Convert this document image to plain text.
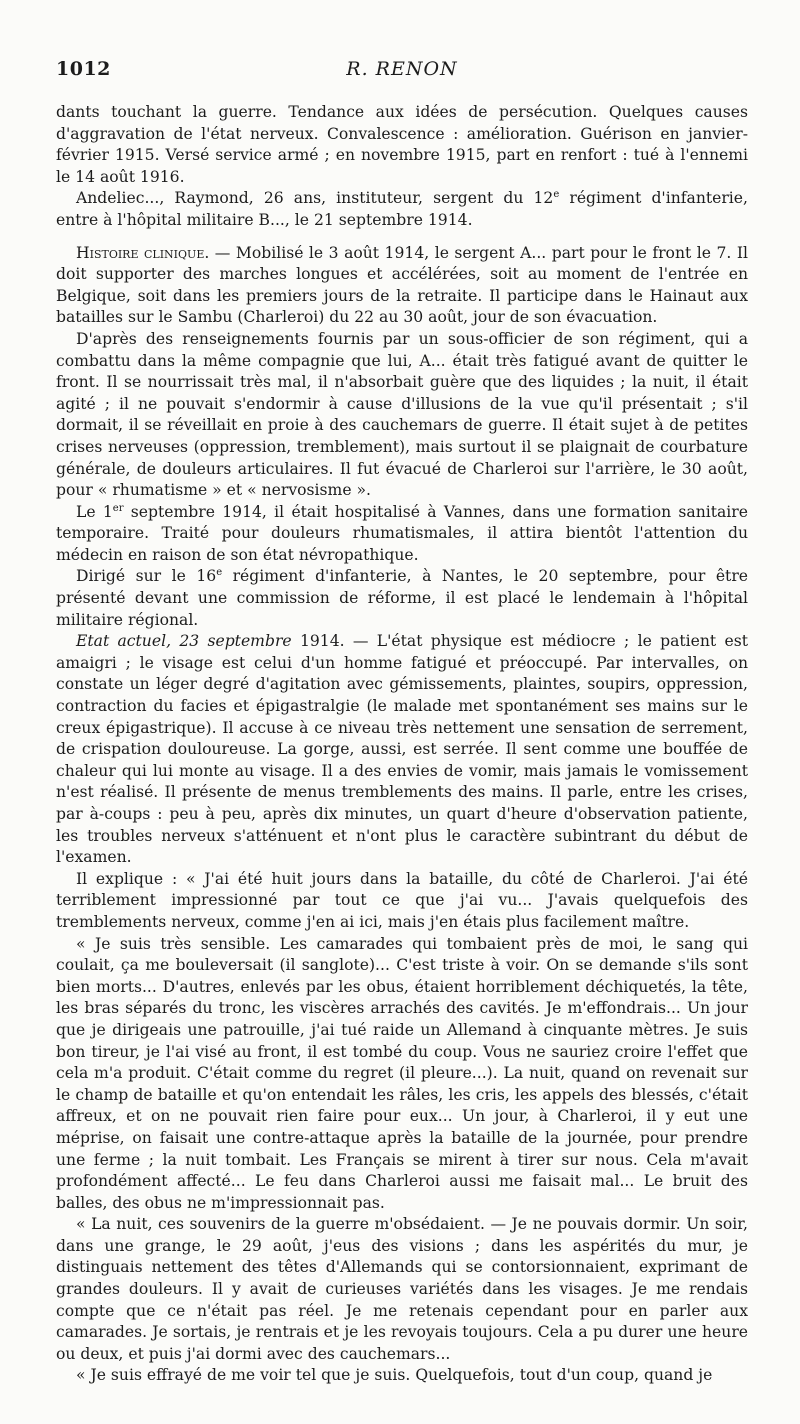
1012	R. RENON

dants touchant la guerre. Tendance aux idées de persécution. Quelques causes d'aggravation de l'état nerveux. Convalescence : amélioration. Guérison en janvier-février 1915. Versé service armé ; en novembre 1915, part en renfort : tué à l'ennemi le 14 août 1916.

Andeliec..., Raymond, 26 ans, instituteur, sergent du 12e régiment d'infanterie, entre à l'hôpital militaire B..., le 21 septembre 1914.

Histoire clinique. — Mobilisé le 3 août 1914, le sergent A... part pour le front le 7. Il doit supporter des marches longues et accélérées, soit au moment de l'entrée en Belgique, soit dans les premiers jours de la retraite. Il participe dans le Hainaut aux batailles sur le Sambu (Charleroi) du 22 au 30 août, jour de son évacuation.

D'après des renseignements fournis par un sous-officier de son régiment, qui a combattu dans la même compagnie que lui, A... était très fatigué avant de quitter le front. Il se nourrissait très mal, il n'absorbait guère que des liquides ; la nuit, il était agité ; il ne pouvait s'endormir à cause d'illusions de la vue qu'il présentait ; s'il dormait, il se réveillait en proie à des cauchemars de guerre. Il était sujet à de petites crises nerveuses (oppression, tremblement), mais surtout il se plaignait de courbature générale, de douleurs articulaires. Il fut évacué de Charleroi sur l'arrière, le 30 août, pour « rhumatisme » et « nervosisme ».

Le 1er septembre 1914, il était hospitalisé à Vannes, dans une formation sanitaire temporaire. Traité pour douleurs rhumatismales, il attira bientôt l'attention du médecin en raison de son état névropathique.

Dirigé sur le 16e régiment d'infanterie, à Nantes, le 20 septembre, pour être présenté devant une commission de réforme, il est placé le lendemain à l'hôpital militaire régional.

Etat actuel, 23 septembre 1914. — L'état physique est médiocre ; le patient est amaigri ; le visage est celui d'un homme fatigué et préoccupé. Par intervalles, on constate un léger degré d'agitation avec gémissements, plaintes, soupirs, oppression, contraction du facies et épigastralgie (le malade met spontanément ses mains sur le creux épigastrique). Il accuse à ce niveau très nettement une sensation de serrement, de crispation douloureuse. La gorge, aussi, est serrée. Il sent comme une bouffée de chaleur qui lui monte au visage. Il a des envies de vomir, mais jamais le vomissement n'est réalisé. Il présente de menus tremblements des mains. Il parle, entre les crises, par à-coups : peu à peu, après dix minutes, un quart d'heure d'observation patiente, les troubles nerveux s'atténuent et n'ont plus le caractère subintrant du début de l'examen.

Il explique : « J'ai été huit jours dans la bataille, du côté de Charleroi. J'ai été terriblement impressionné par tout ce que j'ai vu... J'avais quelquefois des tremblements nerveux, comme j'en ai ici, mais j'en étais plus facilement maître.

« Je suis très sensible. Les camarades qui tombaient près de moi, le sang qui coulait, ça me bouleversait (il sanglote)... C'est triste à voir. On se demande s'ils sont bien morts... D'autres, enlevés par les obus, étaient horriblement déchiquetés, la tête, les bras séparés du tronc, les viscères arrachés des cavités. Je m'effondrais... Un jour que je dirigeais une patrouille, j'ai tué raide un Allemand à cinquante mètres. Je suis bon tireur, je l'ai visé au front, il est tombé du coup. Vous ne sauriez croire l'effet que cela m'a produit. C'était comme du regret (il pleure...). La nuit, quand on revenait sur le champ de bataille et qu'on entendait les râles, les cris, les appels des blessés, c'était affreux, et on ne pouvait rien faire pour eux... Un jour, à Charleroi, il y eut une méprise, on faisait une contre-attaque après la bataille de la journée, pour prendre une ferme ; la nuit tombait. Les Français se mirent à tirer sur nous. Cela m'avait profondément affecté... Le feu dans Charleroi aussi me faisait mal... Le bruit des balles, des obus ne m'impressionnait pas.

« La nuit, ces souvenirs de la guerre m'obsédaient. — Je ne pouvais dormir. Un soir, dans une grange, le 29 août, j'eus des visions ; dans les aspérités du mur, je distinguais nettement des têtes d'Allemands qui se contorsionnaient, exprimant de grandes douleurs. Il y avait de curieuses variétés dans les visages. Je me rendais compte que ce n'était pas réel. Je me retenais cependant pour en parler aux camarades. Je sortais, je rentrais et je les revoyais toujours. Cela a pu durer une heure ou deux, et puis j'ai dormi avec des cauchemars...

« Je suis effrayé de me voir tel que je suis. Quelquefois, tout d'un coup, quand je
